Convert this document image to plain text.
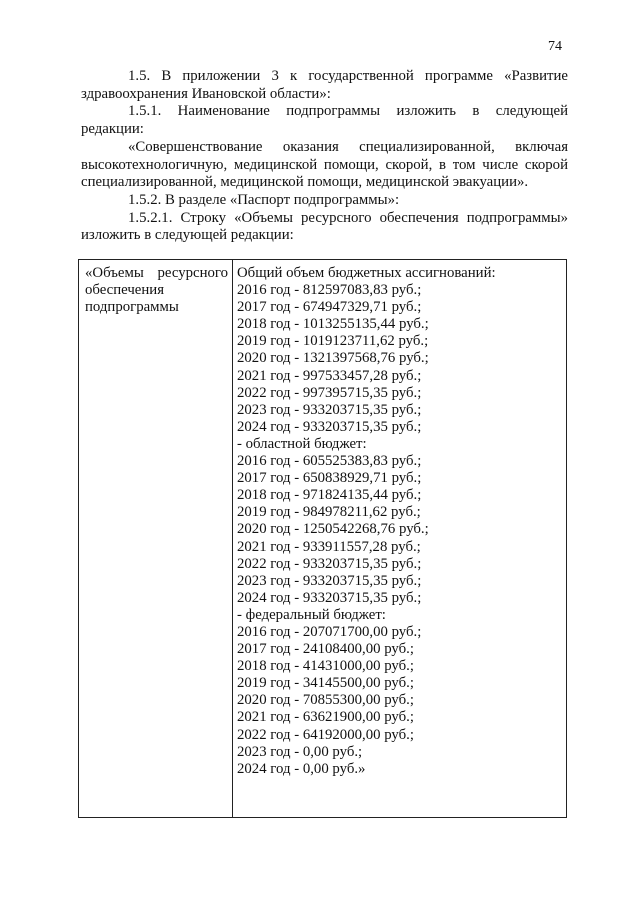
74

1.5. В приложении 3 к государственной программе «Развитие здравоохранения Ивановской области»:

1.5.1. Наименование подпрограммы изложить в следующей редакции:

«Совершенствование оказания специализированной, включая высокотехнологичную, медицинской помощи, скорой, в том числе скорой специализированной, медицинской помощи, медицинской эвакуации».

1.5.2. В разделе «Паспорт подпрограммы»:

1.5.2.1. Строку «Объемы ресурсного обеспечения подпрограммы» изложить в следующей редакции:

«Объемы ресурсного
обеспечения
подпрограммы
Общий объем бюджетных ассигнований:
2016 год - 812597083,83 руб.;
2017 год - 674947329,71 руб.;
2018 год - 1013255135,44 руб.;
2019 год - 1019123711,62 руб.;
2020 год - 1321397568,76 руб.;
2021 год - 997533457,28 руб.;
2022 год - 997395715,35 руб.;
2023 год - 933203715,35 руб.;
2024 год - 933203715,35 руб.;
- областной бюджет:
2016 год - 605525383,83 руб.;
2017 год - 650838929,71 руб.;
2018 год - 971824135,44 руб.;
2019 год - 984978211,62 руб.;
2020 год - 1250542268,76 руб.;
2021 год - 933911557,28 руб.;
2022 год - 933203715,35 руб.;
2023 год - 933203715,35 руб.;
2024 год - 933203715,35 руб.;
- федеральный бюджет:
2016 год - 207071700,00 руб.;
2017 год - 24108400,00 руб.;
2018 год - 41431000,00 руб.;
2019 год - 34145500,00 руб.;
2020 год - 70855300,00 руб.;
2021 год - 63621900,00 руб.;
2022 год - 64192000,00 руб.;
2023 год - 0,00 руб.;
2024 год - 0,00 руб.»
